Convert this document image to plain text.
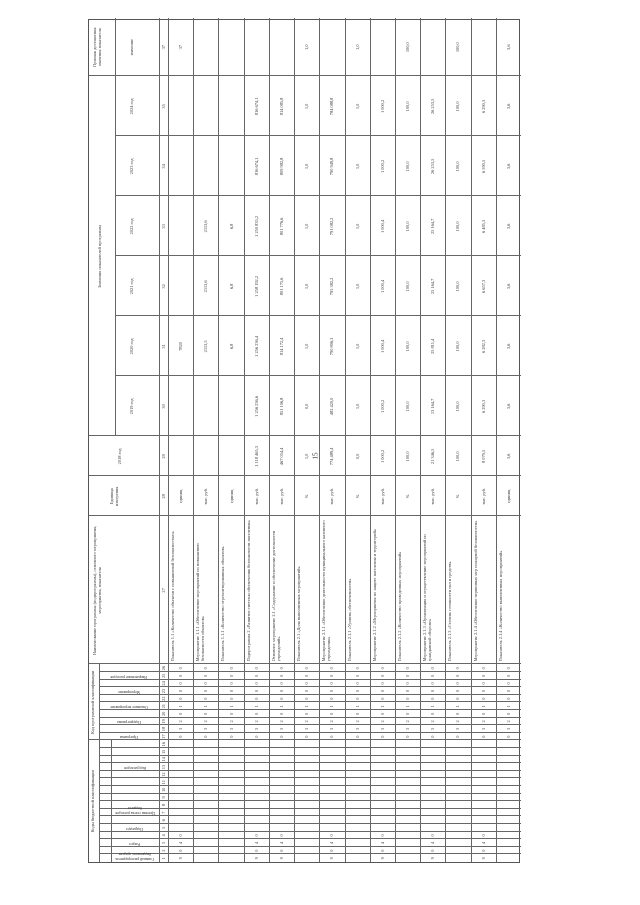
15
Коды бюджетной классификации
Код программной классификации
Наименование программы (подпрограммы), основного мероприятия, мероприятия, показателя
Единица измерения
2018 год
Значения показателей программы
Признак достижения значения показателя	значение
2019 год
2020 год
2021 год
2022 год
2023 год
2024 год
Главный распорядитель бюджетных средств
Раздел
Подраздел
Целевая статья расходов бюджета
Вид расходов
Программа
Подпрограмма
Основное мероприятие
Мероприятие
Направление расходов
1
2
3
4
5
6
7
8
9
10
11
12
13
14
15
16
17
18
19
20
21
22
23
24
25
26
27
28
29
30
31
32
33
34
35
37
9
0
4
0
0
3
2
0
1
0
0
0
0
0
Показатель 1.1 «Количество объектов с повышенной безопасностью»
единиц
7820
37
0
3
2
0
1
0
0
0
0
0
Мероприятие 1.1.1 «Обеспечение мероприятий по повышению безопасности объектов»
тыс. руб.
2113,5
2113,6
2113,6
0
3
2
0
1
0
0
0
0
0
Показатель 1.1.1 «Количество отремонтированных объектов»
единиц
6,8
6,8
6,8
9
0
4
0
0
3
2
0
1
0
0
0
0
0
Подпрограмма 2 «Развитие системы обеспечения безопасности населения»
тыс. руб.
1 118 465,3
1 256 236,6
1 256 236,4
1 258 192,2
1 250 835,2
816 674,1
816 674,1
9
0
4
0
0
3
2
0
1
0
0
0
0
0
Основное мероприятие 2.1 «Содержание и обеспечение деятельности учреждений»
тыс. руб.
467 054,4
851 106,8
814 172,4
801 175,6
801 776,6
809 982,8
814 085,8
0
3
2
0
1
0
0
0
0
0
Показатель 2.1 «Доля выполненных мероприятий»
%
1,0
0,0
1,0
1,0
1,0
1,0
1,0
1,0
9
0
4
0
0
3
2
0
1
0
0
0
0
0
Мероприятие 2.1.1 «Обеспечение деятельности муниципального казенного учреждения»
тыс. руб.
774 489,4
482 420,0
790 806,3
795 382,2
791 082,2
790 949,8
784 088,8
0
3
2
0
1
0
0
0
0
0
Показатель 2.1.1 «Уровень обеспеченности»
%
0,0
1,0
1,0
1,0
1,0
1,0
1,0
1,0
9
0
4
0
0
3
2
0
1
0
0
0
0
0
Мероприятие 2.1.2 «Мероприятия по защите населения и территорий»
тыс. руб.
1 000,2
1 000,2
1 000,4
1 000,4
1 000,4
1 000,2
1 000,2
0
3
2
0
1
0
0
0
0
0
Показатель 2.1.2 «Количество проведенных мероприятий»
%
100,0
100,0
100,0
100,0
100,0
100,0
100,0
100,0
9
0
4
0
0
3
2
0
1
0
0
0
0
0
Мероприятие 2.1.3 «Организация и осуществление мероприятий по гражданской обороне»
тыс. руб.
21 346,5
13 164,7
25 811,4
25 164,7
25 164,7
26 253,5
26 253,5
0
3
2
0
1
0
0
0
0
0
Показатель 2.1.3 «Степень готовности сил и средств»
%
100,0
100,0
100,0
100,0
100,0
100,0
100,0
100,0
9
0
4
0
0
3
2
0
1
0
0
0
0
0
Мероприятие 2.1.4 «Обеспечение первичных мер пожарной безопасности»
тыс. руб.
8 079,5
6 290,3
6 282,3
6 657,3
6 485,3
6 590,5
6 290,3
0
3
2
0
1
0
0
0
0
0
Показатель 2.1.4 «Количество выполненных мероприятий»
единиц
3,6
3,6
3,6
3,6
3,6
3,6
3,6
3,6
